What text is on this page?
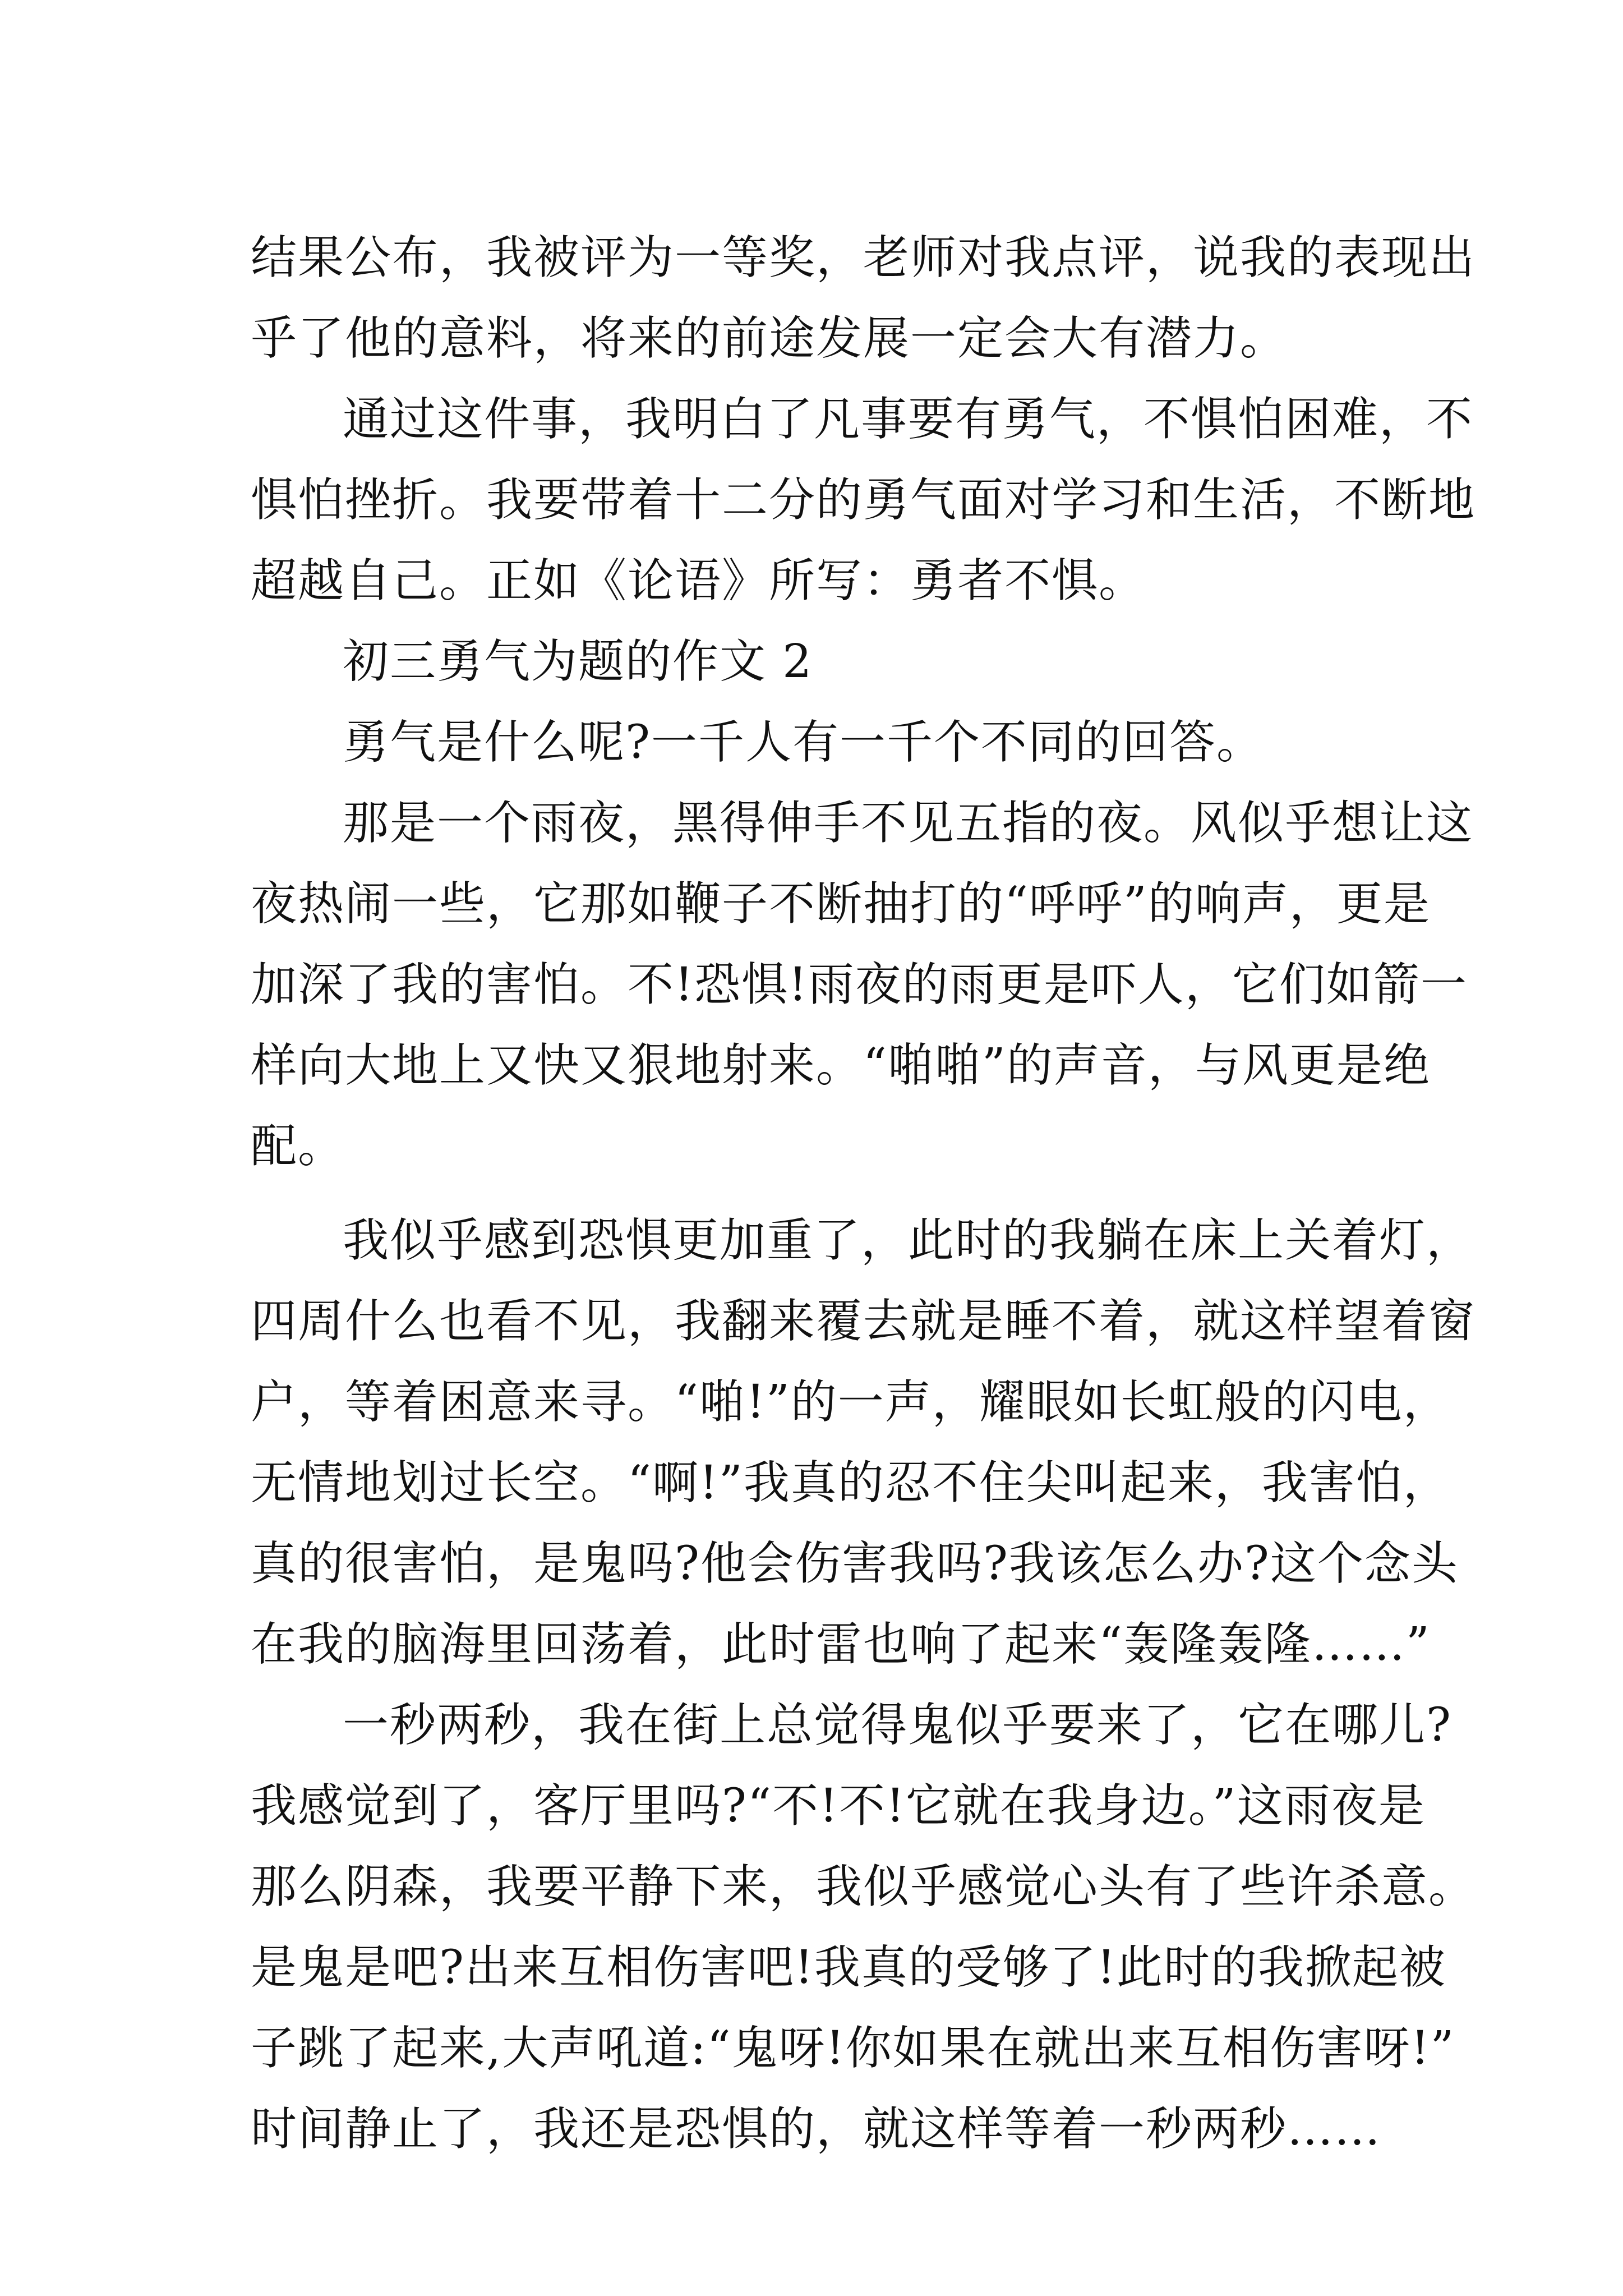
结果公布，我被评为一等奖，老师对我点评，说我的表现出
乎了他的意料，将来的前途发展一定会大有潜力。
通过这件事，我明白了凡事要有勇气，不惧怕困难，不
惧怕挫折。我要带着十二分的勇气面对学习和生活，不断地
超越自己。正如《论语》所写：勇者不惧。
初三勇气为题的作文 2
勇气是什么呢?一千人有一千个不同的回答。
那是一个雨夜，黑得伸手不见五指的夜。风似乎想让这
夜热闹一些，它那如鞭子不断抽打的“呼呼”的响声，更是
加深了我的害怕。不!恐惧!雨夜的雨更是吓人，它们如箭一
样向大地上又快又狠地射来。“啪啪”的声音，与风更是绝
配。
我似乎感到恐惧更加重了，此时的我躺在床上关着灯，
四周什么也看不见，我翻来覆去就是睡不着，就这样望着窗
户，等着困意来寻。“啪!”的一声，耀眼如长虹般的闪电，
无情地划过长空。“啊!”我真的忍不住尖叫起来，我害怕，
真的很害怕，是鬼吗?他会伤害我吗?我该怎么办?这个念头
在我的脑海里回荡着，此时雷也响了起来“轰隆轰隆……”
一秒两秒，我在街上总觉得鬼似乎要来了，它在哪儿?
我感觉到了，客厅里吗?“不!不!它就在我身边。”这雨夜是
那么阴森，我要平静下来，我似乎感觉心头有了些许杀意。
是鬼是吧?出来互相伤害吧!我真的受够了!此时的我掀起被
子跳了起来,大声吼道:“鬼呀!你如果在就出来互相伤害呀!”
时间静止了，我还是恐惧的，就这样等着一秒两秒……
